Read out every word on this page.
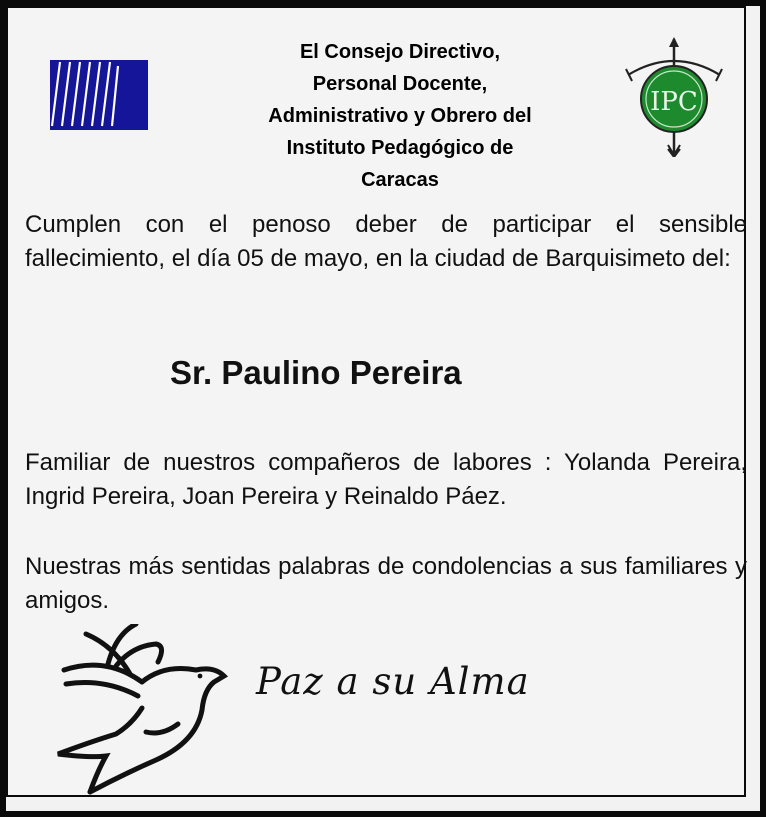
El Consejo Directivo,
Personal Docente,
Administrativo y Obrero del
Instituto Pedagógico de
Caracas
IPC
Cumplen con el penoso deber de participar el sensible fallecimiento, el día 05 de mayo, en la ciudad de Barquisimeto del:
Sr. Paulino Pereira
Familiar de nuestros compañeros de labores : Yolanda Pereira, Ingrid Pereira, Joan Pereira y Reinaldo Páez.
Nuestras más sentidas palabras de condolencias a sus familiares y amigos.
Paz a su Alma
